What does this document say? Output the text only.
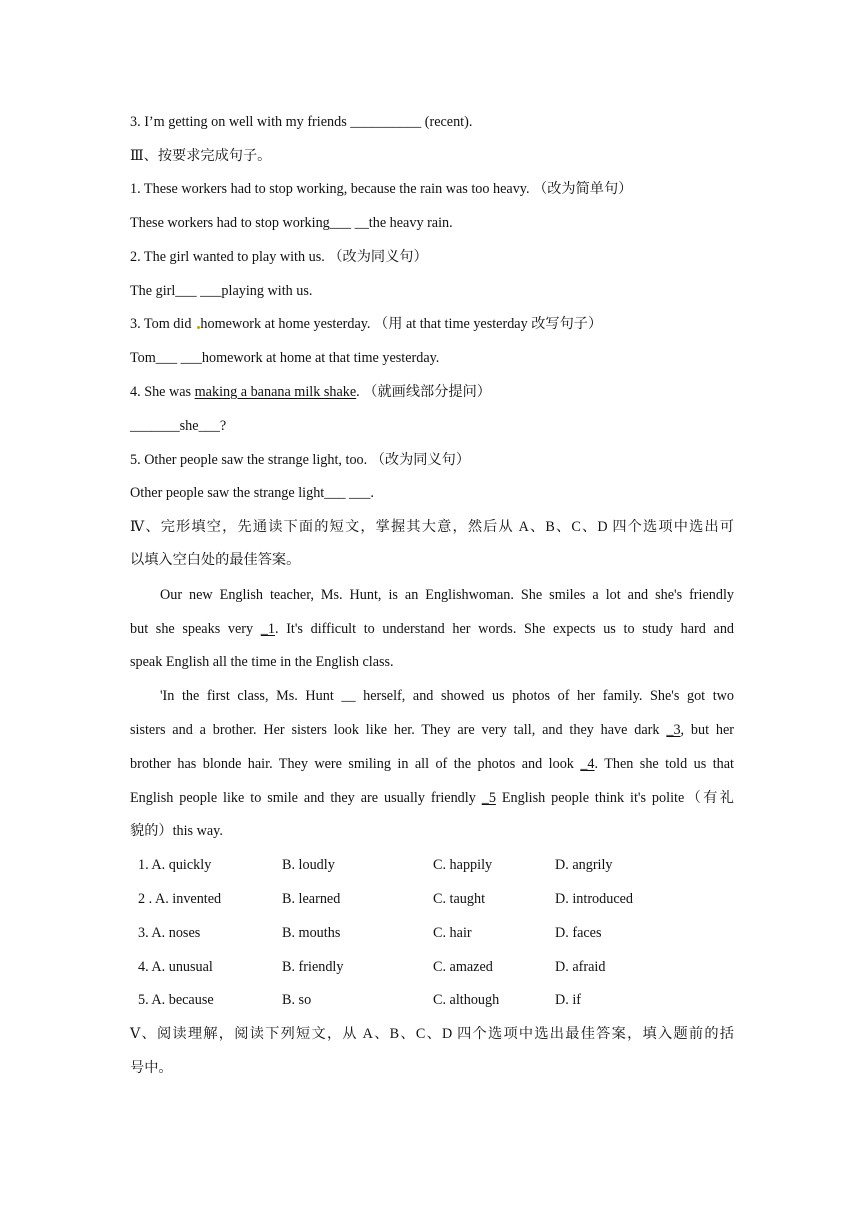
3. I’m getting on well with my friends __________ (recent).
Ⅲ、按要求完成句子。
1. These workers had to stop working, because the rain was too heavy. （改为简单句）
These workers had to stop working___ __the heavy rain.
2. The girl wanted to play with us. （改为同义句）
The girl___ ___playing with us.
3. Tom did homework at home yesterday. （用 at that time yesterday 改写句子）
Tom___ ___homework at home at that time yesterday.
4. She was making a banana milk shake. （就画线部分提问）
_______she___?
5. Other people saw the strange light, too. （改为同义句）
Other people saw the strange light___ ___.
Ⅳ、完形填空，先通读下面的短文，掌握其大意，然后从 A、B、C、D 四个选项中选出可
以填入空白处的最佳答案。
Our new English teacher, Ms. Hunt, is an Englishwoman. She smiles a lot and she's friendly
but she speaks very _1. It's difficult to understand her words. She expects us to study hard and
speak English all the time in the English class.
'In the first class, Ms. Hunt __ herself, and showed us photos of her family. She's got two
sisters and a brother. Her sisters look like her. They are very tall, and they have dark _3, but her
brother has blonde hair. They were smiling in all of the photos and look _4. Then she told us that
English people like to smile and they are usually friendly _5 English people think it's polite（有礼
貌的）this way.
1. A. quickly	B. loudly	C. happily	D. angrily
2 . A. invented	B. learned	C. taught	D. introduced
3. A. noses	B. mouths	C. hair	D. faces
4. A. unusual	B. friendly	C. amazed	D. afraid
5. A. because	B. so	C. although	D. if
Ⅴ、阅读理解，阅读下列短文，从 A、B、C、D 四个选项中选出最佳答案，填入题前的括
号中。
